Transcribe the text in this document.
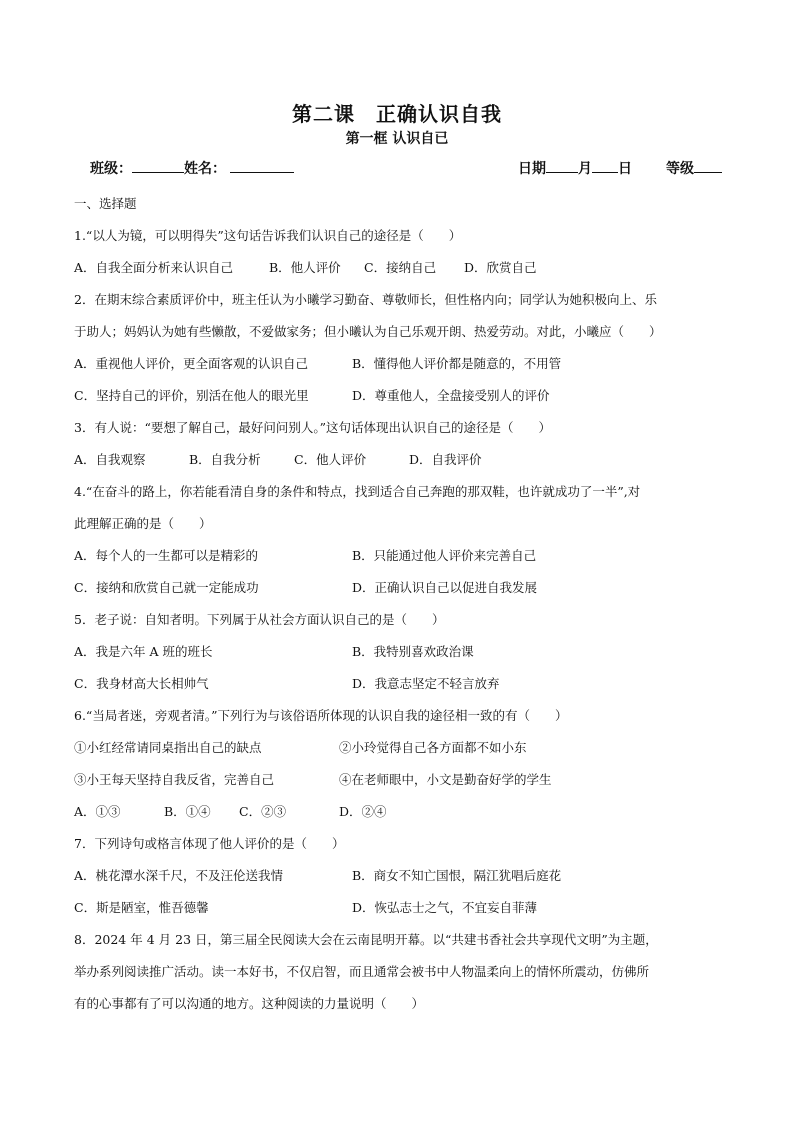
第二课　正确认识自我
第一框 认识自已
班级：	姓名：	日期 月 日 等级
一、选择题
1.“以人为镜，可以明得失”这句话告诉我们认识自己的途径是（　　）
A．自我全面分析来认识自己	B．他人评价 C．接纳自己 D．欣赏自己
2．在期末综合素质评价中，班主任认为小曦学习勤奋、尊敬师长，但性格内向；同学认为她积极向上、乐
于助人；妈妈认为她有些懒散，不爱做家务；但小曦认为自己乐观开朗、热爱劳动。对此，小曦应（　　）
A．重视他人评价，更全面客观的认识自己	B．懂得他人评价都是随意的，不用管
C．坚持自己的评价，别活在他人的眼光里	D．尊重他人，全盘接受别人的评价
3．有人说：“要想了解自己，最好问问别人。”这句话体现出认识自己的途径是（　　）
A．自我观察	B．自我分析	C．他人评价	D．自我评价
4.“在奋斗的路上，你若能看清自身的条件和特点，找到适合自己奔跑的那双鞋，也许就成功了一半”,对
此理解正确的是（　　）
A．每个人的一生都可以是精彩的	B．只能通过他人评价来完善自己
C．接纳和欣赏自己就一定能成功	D．正确认识自己以促进自我发展
5．老子说：自知者明。下列属于从社会方面认识自己的是（　　）
A．我是六年 A 班的班长	B．我特别喜欢政治课
C．我身材高大长相帅气	D．我意志坚定不轻言放弃
6.“当局者迷，旁观者清。”下列行为与该俗语所体现的认识自我的途径相一致的有（　　）
①小红经常请同桌指出自己的缺点	②小玲觉得自己各方面都不如小东
③小王每天坚持自我反省，完善自己	④在老师眼中，小文是勤奋好学的学生
A．①③	B．①④ C．②③	D．②④
7．下列诗句或格言体现了他人评价的是（　　）
A．桃花潭水深千尺，不及汪伦送我情	B．商女不知亡国恨，隔江犹唱后庭花
C．斯是陋室，惟吾德馨	D．恢弘志士之气，不宜妄自菲薄
8．2024 年 4 月 23 日，第三届全民阅读大会在云南昆明开幕。以“共建书香社会共享现代文明”为主题，
举办系列阅读推广活动。读一本好书，不仅启智，而且通常会被书中人物温柔向上的情怀所震动，仿佛所
有的心事都有了可以沟通的地方。这种阅读的力量说明（　　）
